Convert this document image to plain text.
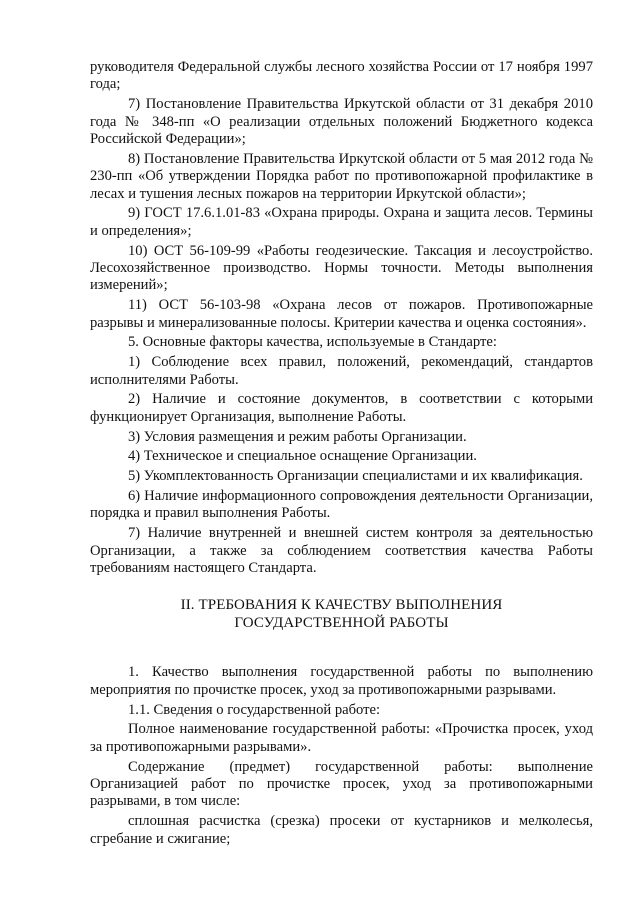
руководителя Федеральной службы лесного хозяйства России от 17 ноября 1997 года;

7) Постановление Правительства Иркутской области от 31 декабря 2010 года № 348-пп «О реализации отдельных положений Бюджетного кодекса Российской Федерации»;

8) Постановление Правительства Иркутской области от 5 мая 2012 года № 230-пп «Об утверждении Порядка работ по противопожарной профилактике в лесах и тушения лесных пожаров на территории Иркутской области»;

9) ГОСТ 17.6.1.01-83 «Охрана природы. Охрана и защита лесов. Термины и определения»;

10) ОСТ 56-109-99 «Работы геодезические. Таксация и лесоустройство. Лесохозяйственное производство. Нормы точности. Методы выполнения измерений»;

11) ОСТ 56-103-98 «Охрана лесов от пожаров. Противопожарные разрывы и минерализованные полосы. Критерии качества и оценка состояния».

5. Основные факторы качества, используемые в Стандарте:

1) Соблюдение всех правил, положений, рекомендаций, стандартов исполнителями Работы.

2) Наличие и состояние документов, в соответствии с которыми функционирует Организация, выполнение Работы.

3) Условия размещения и режим работы Организации.

4) Техническое и специальное оснащение Организации.

5) Укомплектованность Организации специалистами и их квалификация.

6) Наличие информационного сопровождения деятельности Организации, порядка и правил выполнения Работы.

7) Наличие внутренней и внешней систем контроля за деятельностью Организации, а также за соблюдением соответствия качества Работы требованиям настоящего Стандарта.

II. ТРЕБОВАНИЯ К КАЧЕСТВУ ВЫПОЛНЕНИЯ
ГОСУДАРСТВЕННОЙ РАБОТЫ

1. Качество выполнения государственной работы по выполнению мероприятия по прочистке просек, уход за противопожарными разрывами.

1.1. Сведения о государственной работе:

Полное наименование государственной работы: «Прочистка просек, уход за противопожарными разрывами».

Содержание (предмет) государственной работы: выполнение Организацией работ по прочистке просек, уход за противопожарными разрывами, в том числе:

сплошная расчистка (срезка) просеки от кустарников и мелколесья, сгребание и сжигание;
